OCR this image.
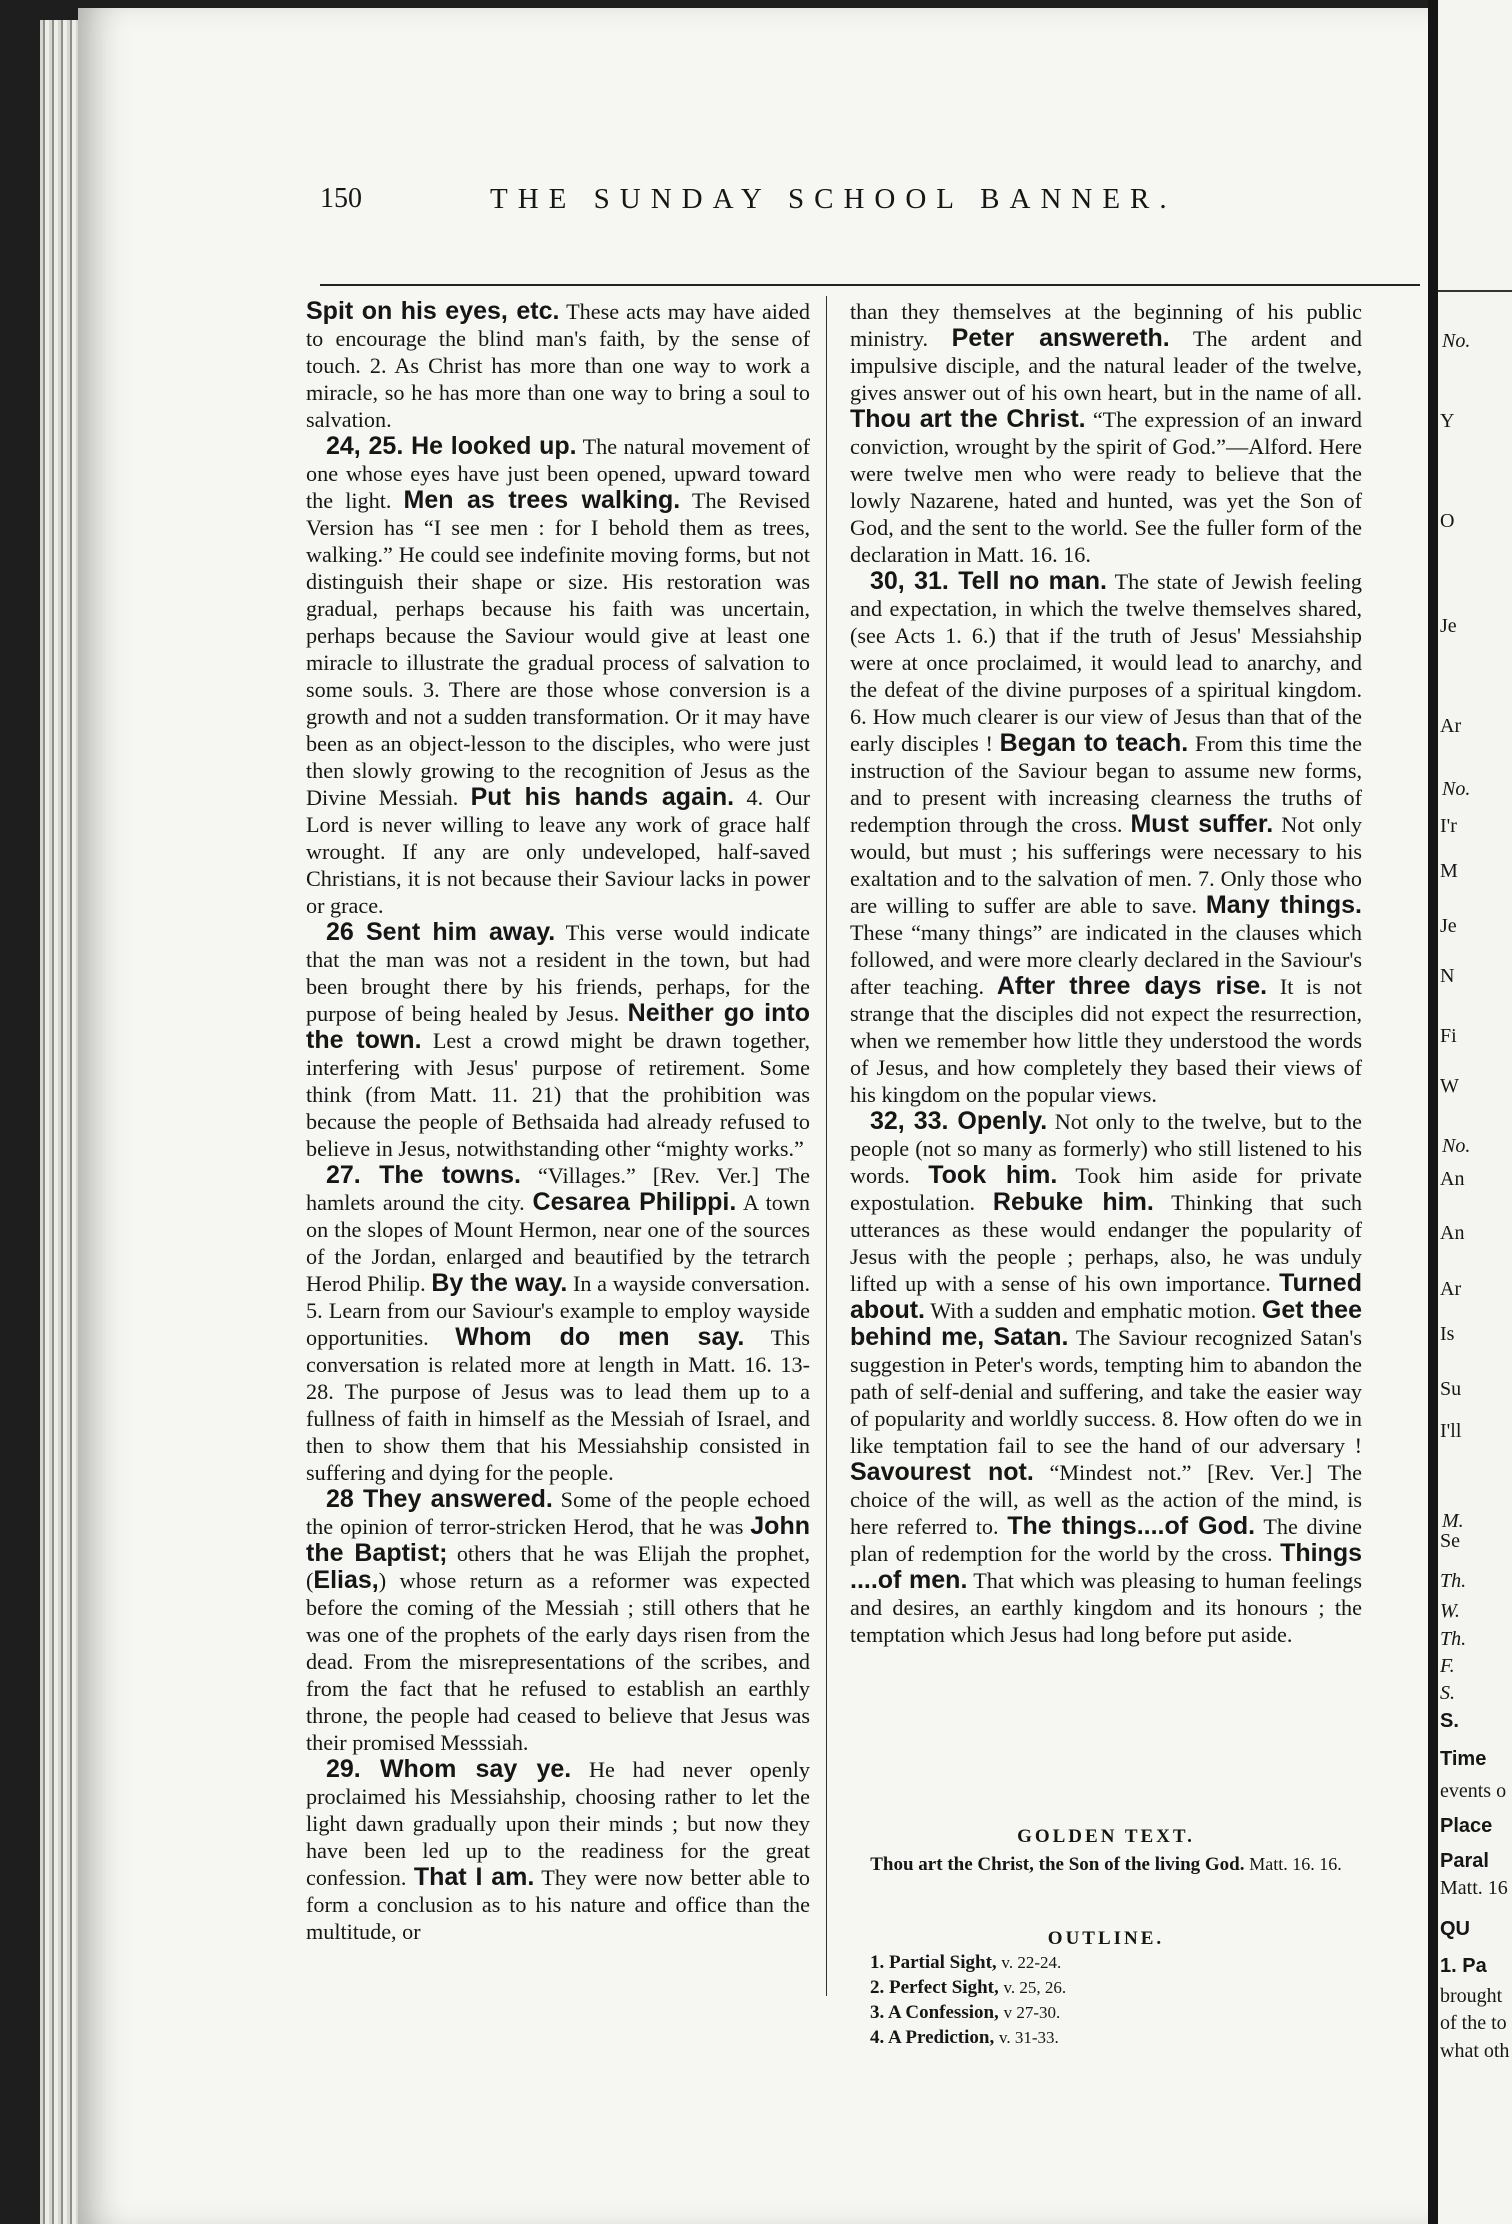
150	THE SUNDAY SCHOOL BANNER.

Spit on his eyes, etc. These acts may have aided to encourage the blind man's faith, by the sense of touch. 2. As Christ has more than one way to work a miracle, so he has more than one way to bring a soul to salvation.

24, 25. He looked up. The natural movement of one whose eyes have just been opened, upward toward the light. Men as trees walking. The Revised Version has “I see men : for I behold them as trees, walking.” He could see indefinite moving forms, but not distinguish their shape or size. His restoration was gradual, perhaps because his faith was uncertain, perhaps because the Saviour would give at least one miracle to illustrate the gradual process of salvation to some souls. 3. There are those whose conversion is a growth and not a sudden transformation. Or it may have been as an object-lesson to the disciples, who were just then slowly growing to the recognition of Jesus as the Divine Messiah. Put his hands again. 4. Our Lord is never willing to leave any work of grace half wrought. If any are only undeveloped, half-saved Christians, it is not because their Saviour lacks in power or grace.

26 Sent him away. This verse would indicate that the man was not a resident in the town, but had been brought there by his friends, perhaps, for the purpose of being healed by Jesus. Neither go into the town. Lest a crowd might be drawn together, interfering with Jesus' purpose of retirement. Some think (from Matt. 11. 21) that the prohibition was because the people of Bethsaida had already refused to believe in Jesus, notwithstanding other “mighty works.”

27. The towns. “Villages.” [Rev. Ver.] The hamlets around the city. Cesarea Philippi. A town on the slopes of Mount Hermon, near one of the sources of the Jordan, enlarged and beautified by the tetrarch Herod Philip. By the way. In a wayside conversation. 5. Learn from our Saviour's example to employ wayside opportunities. Whom do men say. This conversation is related more at length in Matt. 16. 13-28. The purpose of Jesus was to lead them up to a fullness of faith in himself as the Messiah of Israel, and then to show them that his Messiahship consisted in suffering and dying for the people.

28 They answered. Some of the people echoed the opinion of terror-stricken Herod, that he was John the Baptist; others that he was Elijah the prophet, (Elias,) whose return as a reformer was expected before the coming of the Messiah ; still others that he was one of the prophets of the early days risen from the dead. From the misrepresentations of the scribes, and from the fact that he refused to establish an earthly throne, the people had ceased to believe that Jesus was their promised Messsiah.

29. Whom say ye. He had never openly proclaimed his Messiahship, choosing rather to let the light dawn gradually upon their minds ; but now they have been led up to the readiness for the great confession. That I am. They were now better able to form a conclusion as to his nature and office than the multitude, or

than they themselves at the beginning of his public ministry. Peter answereth. The ardent and impulsive disciple, and the natural leader of the twelve, gives answer out of his own heart, but in the name of all. Thou art the Christ. “The expression of an inward conviction, wrought by the spirit of God.”—Alford. Here were twelve men who were ready to believe that the lowly Nazarene, hated and hunted, was yet the Son of God, and the sent to the world. See the fuller form of the declaration in Matt. 16. 16.

30, 31. Tell no man. The state of Jewish feeling and expectation, in which the twelve themselves shared, (see Acts 1. 6.) that if the truth of Jesus' Messiahship were at once proclaimed, it would lead to anarchy, and the defeat of the divine purposes of a spiritual kingdom. 6. How much clearer is our view of Jesus than that of the early disciples ! Began to teach. From this time the instruction of the Saviour began to assume new forms, and to present with increasing clearness the truths of redemption through the cross. Must suffer. Not only would, but must ; his sufferings were necessary to his exaltation and to the salvation of men. 7. Only those who are willing to suffer are able to save. Many things. These “many things” are indicated in the clauses which followed, and were more clearly declared in the Saviour's after teaching. After three days rise. It is not strange that the disciples did not expect the resurrection, when we remember how little they understood the words of Jesus, and how completely they based their views of his kingdom on the popular views.

32, 33. Openly. Not only to the twelve, but to the people (not so many as formerly) who still listened to his words. Took him. Took him aside for private expostulation. Rebuke him. Thinking that such utterances as these would endanger the popularity of Jesus with the people ; perhaps, also, he was unduly lifted up with a sense of his own importance. Turned about. With a sudden and emphatic motion. Get thee behind me, Satan. The Saviour recognized Satan's suggestion in Peter's words, tempting him to abandon the path of self-denial and suffering, and take the easier way of popularity and worldly success. 8. How often do we in like temptation fail to see the hand of our adversary ! Savourest not. “Mindest not.” [Rev. Ver.] The choice of the will, as well as the action of the mind, is here referred to. The things....of God. The divine plan of redemption for the world by the cross. Things ....of men. That which was pleasing to human feelings and desires, an earthly kingdom and its honours ; the temptation which Jesus had long before put aside.

GOLDEN TEXT.
Thou art the Christ, the Son of the living God. Matt. 16. 16.
OUTLINE.
1. Partial Sight, v. 22-24.
2. Perfect Sight, v. 25, 26.
3. A Confession, v 27-30.
4. A Prediction, v. 31-33.
No.
Y
O
Je
Ar
No.
I'r
M
Je
N
Fi
W
No.
An
An
Ar
Is
Su
I'll
M.
Se
Th.
W.
Th.
F.
S.
S.
Time
events o
Place
Paral
Matt. 16
QU
1. Pa
brought
of the to
what oth
